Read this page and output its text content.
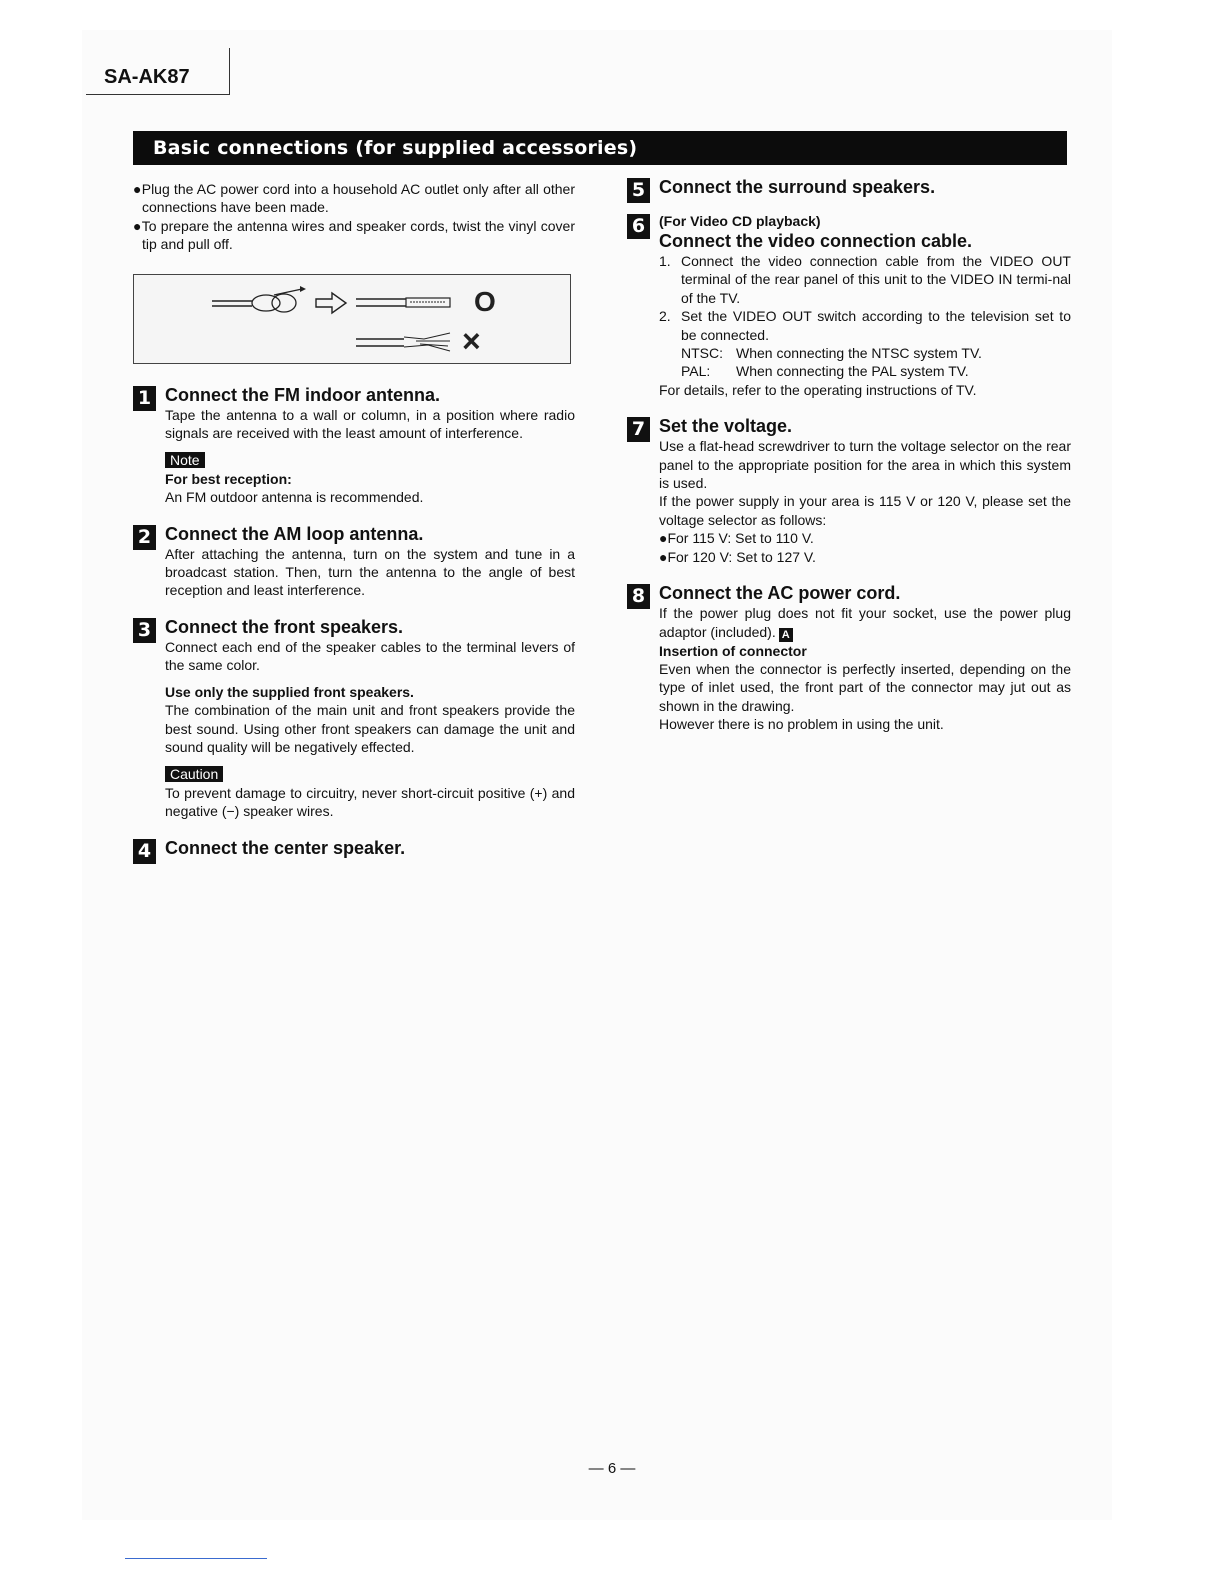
SA-AK87
Basic connections (for supplied accessories)

●Plug the AC power cord into a household AC outlet only after all other connections have been made.

●To prepare the antenna wires and speaker cords, twist the vinyl cover tip and pull off.

O
×
1 Connect the FM indoor antenna.

Tape the antenna to a wall or column, in a position where radio signals are received with the least amount of interference.

Note

For best reception:

An FM outdoor antenna is recommended.

2 Connect the AM loop antenna.

After attaching the antenna, turn on the system and tune in a broadcast station. Then, turn the antenna to the angle of best reception and least interference.

3 Connect the front speakers.

Connect each end of the speaker cables to the terminal levers of the same color.

Use only the supplied front speakers.

The combination of the main unit and front speakers provide the best sound. Using other front speakers can damage the unit and sound quality will be negatively effected.

Caution

To prevent damage to circuitry, never short-circuit positive (+) and negative (−) speaker wires.

4 Connect the center speaker.
5 Connect the surround speakers.
6 (For Video CD playback)
Connect the video connection cable.
1. Connect the video connection cable from the VIDEO OUT terminal of the rear panel of this unit to the VIDEO IN termi-nal of the TV.

2. Set the VIDEO OUT switch according to the television set to be connected.

NTSC: When connecting the NTSC system TV.
PAL:	When connecting the PAL system TV.

For details, refer to the operating instructions of TV.

7 Set the voltage.

Use a flat-head screwdriver to turn the voltage selector on the rear panel to the appropriate position for the area in which this system is used.

If the power supply in your area is 115 V or 120 V, please set the voltage selector as follows:

●For 115 V: Set to 110 V.

●For 120 V: Set to 127 V.

8 Connect the AC power cord.

If the power plug does not fit your socket, use the power plug adaptor (included). A

Insertion of connector

Even when the connector is perfectly inserted, depending on the type of inlet used, the front part of the connector may jut out as shown in the drawing.

However there is no problem in using the unit.

— 6 —
